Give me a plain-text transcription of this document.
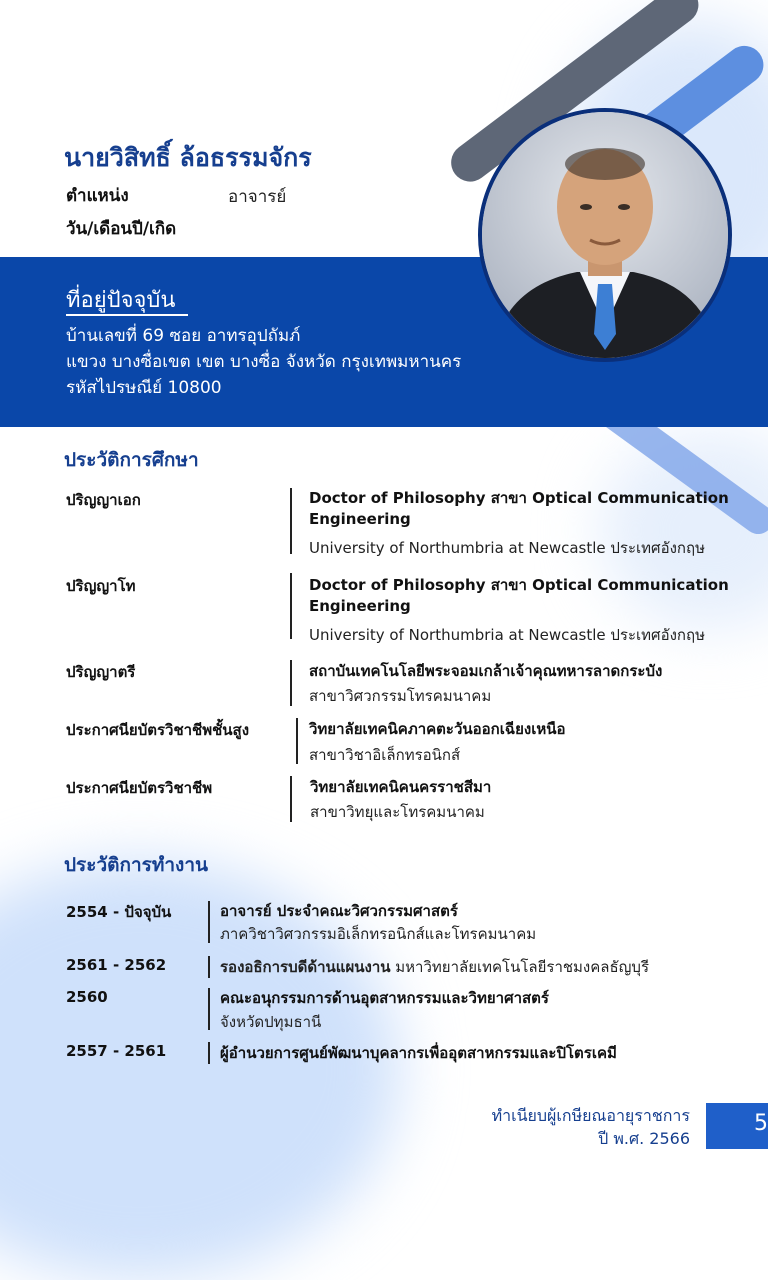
นายวิสิทธิ์ ล้อธรรมจักร
ตำแหน่ง	อาจารย์
วัน/เดือนปี/เกิด
ที่อยู่ปัจจุบัน
บ้านเลขที่ 69 ซอย อาทรอุปถัมภ์
แขวง บางซื่อเขต เขต บางซื่อ จังหวัด กรุงเทพมหานคร
รหัสไปรษณีย์ 10800
ประวัติการศึกษา
ปริญญาเอก	Doctor of Philosophy สาขา Optical Communication
Engineering
University of Northumbria at Newcastle ประเทศอังกฤษ
ปริญญาโท	Doctor of Philosophy สาขา Optical Communication
Engineering
University of Northumbria at Newcastle ประเทศอังกฤษ
ปริญญาตรี	สถาบันเทคโนโลยีพระจอมเกล้าเจ้าคุณทหารลาดกระบัง
สาขาวิศวกรรมโทรคมนาคม
ประกาศนียบัตรวิชาชีพชั้นสูง	วิทยาลัยเทคนิคภาคตะวันออกเฉียงเหนือ
สาขาวิชาอิเล็กทรอนิกส์
ประกาศนียบัตรวิชาชีพ	วิทยาลัยเทคนิคนครราชสีมา
สาขาวิทยุและโทรคมนาคม
ประวัติการทำงาน
2554 - ปัจจุบัน	อาจารย์ ประจำคณะวิศวกรรมศาสตร์
ภาควิชาวิศวกรรมอิเล็กทรอนิกส์และโทรคมนาคม
2561 - 2562	รองอธิการบดีด้านแผนงาน มหาวิทยาลัยเทคโนโลยีราชมงคลธัญบุรี
2560	คณะอนุกรรมการด้านอุตสาหกรรมและวิทยาศาสตร์
จังหวัดปทุมธานี
2557 - 2561	ผู้อำนวยการศูนย์พัฒนาบุคลากรเพื่ออุตสาหกรรมและปิโตรเคมี
ทำเนียบผู้เกษียณอายุราชการ
ปี พ.ศ. 2566
5
